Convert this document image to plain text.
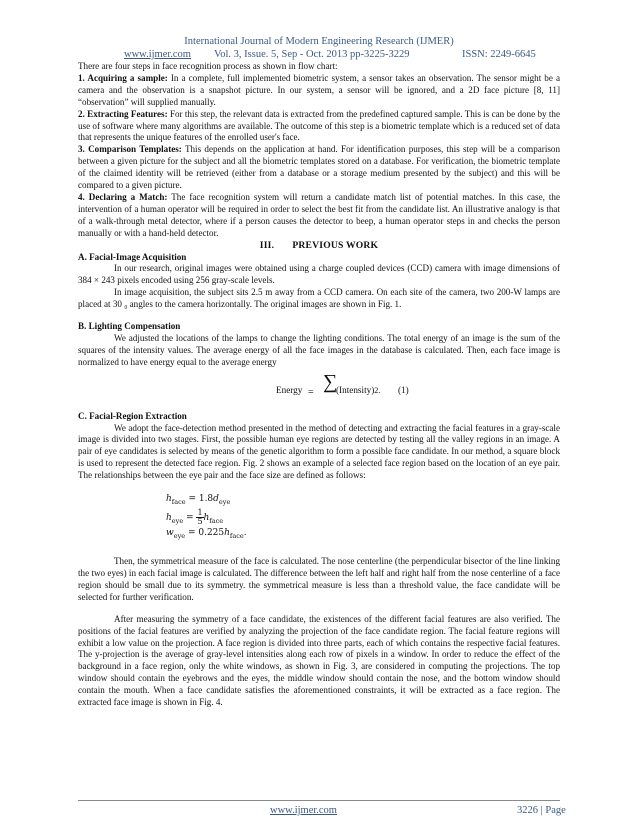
International Journal of Modern Engineering Research (IJMER)
www.ijmer.com Vol. 3, Issue. 5, Sep - Oct. 2013 pp-3225-3229	ISSN: 2249-6645

There are four steps in face recognition process as shown in flow chart:

1. Acquiring a sample: In a complete, full implemented biometric system, a sensor takes an observation. The sensor might be a camera and the observation is a snapshot picture. In our system, a sensor will be ignored, and a 2D face picture [8, 11] “observation” will supplied manually.

2. Extracting Features: For this step, the relevant data is extracted from the predefined captured sample. This is can be done by the use of software where many algorithms are available. The outcome of this step is a biometric template which is a reduced set of data that represents the unique features of the enrolled user's face.

3. Comparison Templates: This depends on the application at hand. For identification purposes, this step will be a comparison between a given picture for the subject and all the biometric templates stored on a database. For verification, the biometric template of the claimed identity will be retrieved (either from a database or a storage medium presented by the subject) and this will be compared to a given picture.

4. Declaring a Match: The face recognition system will return a candidate match list of potential matches. In this case, the intervention of a human operator will be required in order to select the best fit from the candidate list. An illustrative analogy is that of a walk-through metal detector, where if a person causes the detector to beep, a human operator steps in and checks the person manually or with a hand-held detector.

III.       PREVIOUS WORK

A. Facial-Image Acquisition

In our research, original images were obtained using a charge coupled devices (CCD) camera with image dimensions of 384 × 243 pixels encoded using 256 gray-scale levels.

In image acquisition, the subject sits 2.5 m away from a CCD camera. On each site of the camera, two 200-W lamps are placed at 30 ₀ angles to the camera horizontally. The original images are shown in Fig. 1.

B. Lighting Compensation

We adjusted the locations of the lamps to change the lighting conditions. The total energy of an image is the sum of the squares of the intensity values. The average energy of all the face images in the database is calculated. Then, each face image is normalized to have energy equal to the average energy

Energy = ∑
(Intensity)2. (1)

C. Facial-Region Extraction

We adopt the face-detection method presented in the method of detecting and extracting the facial features in a gray-scale image is divided into two stages. First, the possible human eye regions are detected by testing all the valley regions in an image. A pair of eye candidates is selected by means of the genetic algorithm to form a possible face candidate. In our method, a square block is used to represent the detected face region. Fig. 2 shows an example of a selected face region based on the location of an eye pair. The relationships between the eye pair and the face size are defined as follows:

$h_{face} = 1.8d_{eye}$
$h_{eye} = \frac{1}{5} h_{face}$
$w_{eye} = 0.225h_{face}$.

Then, the symmetrical measure of the face is calculated. The nose centerline (the perpendicular bisector of the line linking the two eyes) in each facial image is calculated. The difference between the left half and right half from the nose centerline of a face region should be small due to its symmetry. the symmetrical measure is less than a threshold value, the face candidate will be selected for further verification.

After measuring the symmetry of a face candidate, the existences of the different facial features are also verified. The positions of the facial features are verified by analyzing the projection of the face candidate region. The facial feature regions will exhibit a low value on the projection. A face region is divided into three parts, each of which contains the respective facial features. The y-projection is the average of gray-level intensities along each row of pixels in a window. In order to reduce the effect of the background in a face region, only the white windows, as shown in Fig. 3, are considered in computing the projections. The top window should contain the eyebrows and the eyes, the middle window should contain the nose, and the bottom window should contain the mouth. When a face candidate satisfies the aforementioned constraints, it will be extracted as a face region. The extracted face image is shown in Fig. 4.

www.ijmer.com	3226 | Page
